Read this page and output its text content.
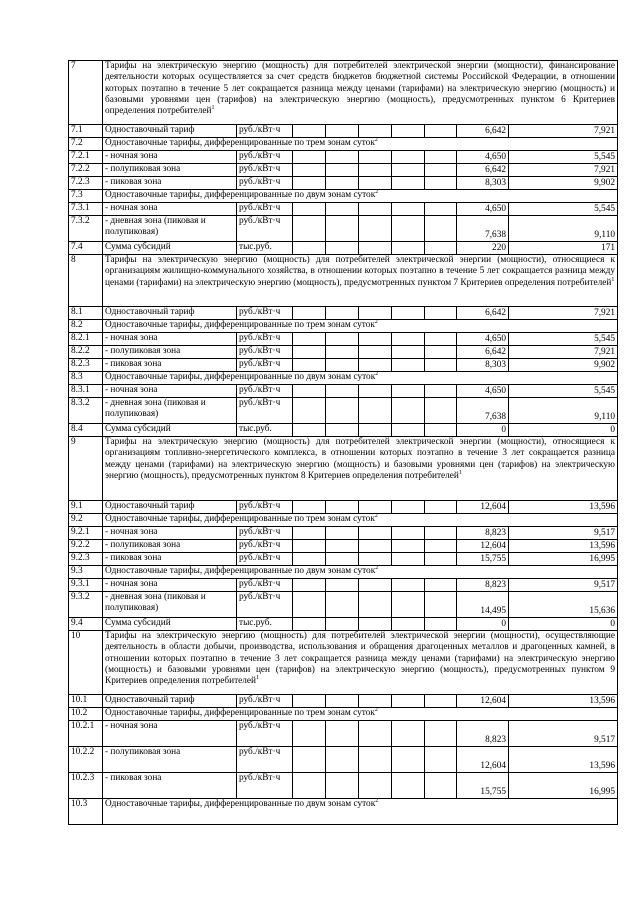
7	Тарифы на электрическую энергию (мощность) для потребителей электрической энергии (мощности), финансирование деятельности которых осуществляется за счет средств бюджетов бюджетной системы Российской Федерации, в отношении которых поэтапно в течение 5 лет сокращается разница между ценами (тарифами) на электрическую энергию (мощность) и базовыми уровнями цен (тарифов) на электрическую энергию (мощность), предусмотренных пунктом 6 Критериев определения потребителей$^1$
7.1	Одноставочный тариф	руб./кВт·ч						6,642	7,921
7.2	Одноставочные тарифы, дифференцированные по трем зонам суток$^2$
7.2.1	- ночная зона	руб./кВт·ч						4,650	5,545
7.2.2	- полупиковая зона	руб./кВт·ч						6,642	7,921
7.2.3	- пиковая зона	руб./кВт·ч						8,303	9,902
7.3	Одноставочные тарифы, дифференцированные по двум зонам суток$^2$
7.3.1	- ночная зона	руб./кВт·ч						4,650	5,545
7.3.2	- дневная зона (пиковая и полупиковая)	руб./кВт·ч						7,638	9,110
7.4	Сумма субсидий	тыс.руб.						220	171
8	Тарифы на электрическую энергию (мощность) для потребителей электрической энергии (мощности), относящиеся к организациям жилищно-коммунального хозяйства, в отношении которых поэтапно в течение 5 лет сокращается разница между ценами (тарифами) на электрическую энергию (мощность), предусмотренных пунктом 7 Критериев определения потребителей$^1$
8.1	Одноставочный тариф	руб./кВт·ч						6,642	7,921
8.2	Одноставочные тарифы, дифференцированные по трем зонам суток$^2$
8.2.1	- ночная зона	руб./кВт·ч						4,650	5,545
8.2.2	- полупиковая зона	руб./кВт·ч						6,642	7,921
8.2.3	- пиковая зона	руб./кВт·ч						8,303	9,902
8.3	Одноставочные тарифы, дифференцированные по двум зонам суток$^2$
8.3.1	- ночная зона	руб./кВт·ч						4,650	5,545
8.3.2	- дневная зона (пиковая и полупиковая)	руб./кВт·ч						7,638	9,110
8.4	Сумма субсидий	тыс.руб.						0	0
9	Тарифы на электрическую энергию (мощность) для потребителей электрической энергии (мощности), относящиеся к организациям топливно-энергетического комплекса, в отношении которых поэтапно в течение 3 лет сокращается разница между ценами (тарифами) на электрическую энергию (мощность) и базовыми уровнями цен (тарифов) на электрическую энергию (мощность), предусмотренных пунктом 8 Критериев определения потребителей$^1$
9.1	Одноставочный тариф	руб./кВт·ч						12,604	13,596
9.2	Одноставочные тарифы, дифференцированные по трем зонам суток$^2$
9.2.1	- ночная зона	руб./кВт·ч						8,823	9,517
9.2.2	- полупиковая зона	руб./кВт·ч						12,604	13,596
9.2.3	- пиковая зона	руб./кВт·ч						15,755	16,995
9.3	Одноставочные тарифы, дифференцированные по двум зонам суток$^2$
9.3.1	- ночная зона	руб./кВт·ч						8,823	9,517
9.3.2	- дневная зона (пиковая и полупиковая)	руб./кВт·ч						14,495	15,636
9.4	Сумма субсидий	тыс.руб.						0	0
10	Тарифы на электрическую энергию (мощность) для потребителей электрической энергии (мощности), осуществляющие деятельность в области добычи, производства, использования и обращения драгоценных металлов и драгоценных камней, в отношении которых поэтапно в течение 3 лет сокращается разница между ценами (тарифами) на электрическую энергию (мощность) и базовыми уровнями цен (тарифов) на электрическую энергию (мощность), предусмотренных пунктом 9 Критериев определения потребителей$^1$
10.1	Одноставочный тариф	руб./кВт·ч						12,604	13,596
10.2	Одноставочные тарифы, дифференцированные по трем зонам суток$^2$
10.2.1	- ночная зона	руб./кВт·ч						8,823	9,517
10.2.2	- полупиковая зона	руб./кВт·ч						12,604	13,596
10.2.3	- пиковая зона	руб./кВт·ч						15,755	16,995
10.3	Одноставочные тарифы, дифференцированные по двум зонам суток$^2$
